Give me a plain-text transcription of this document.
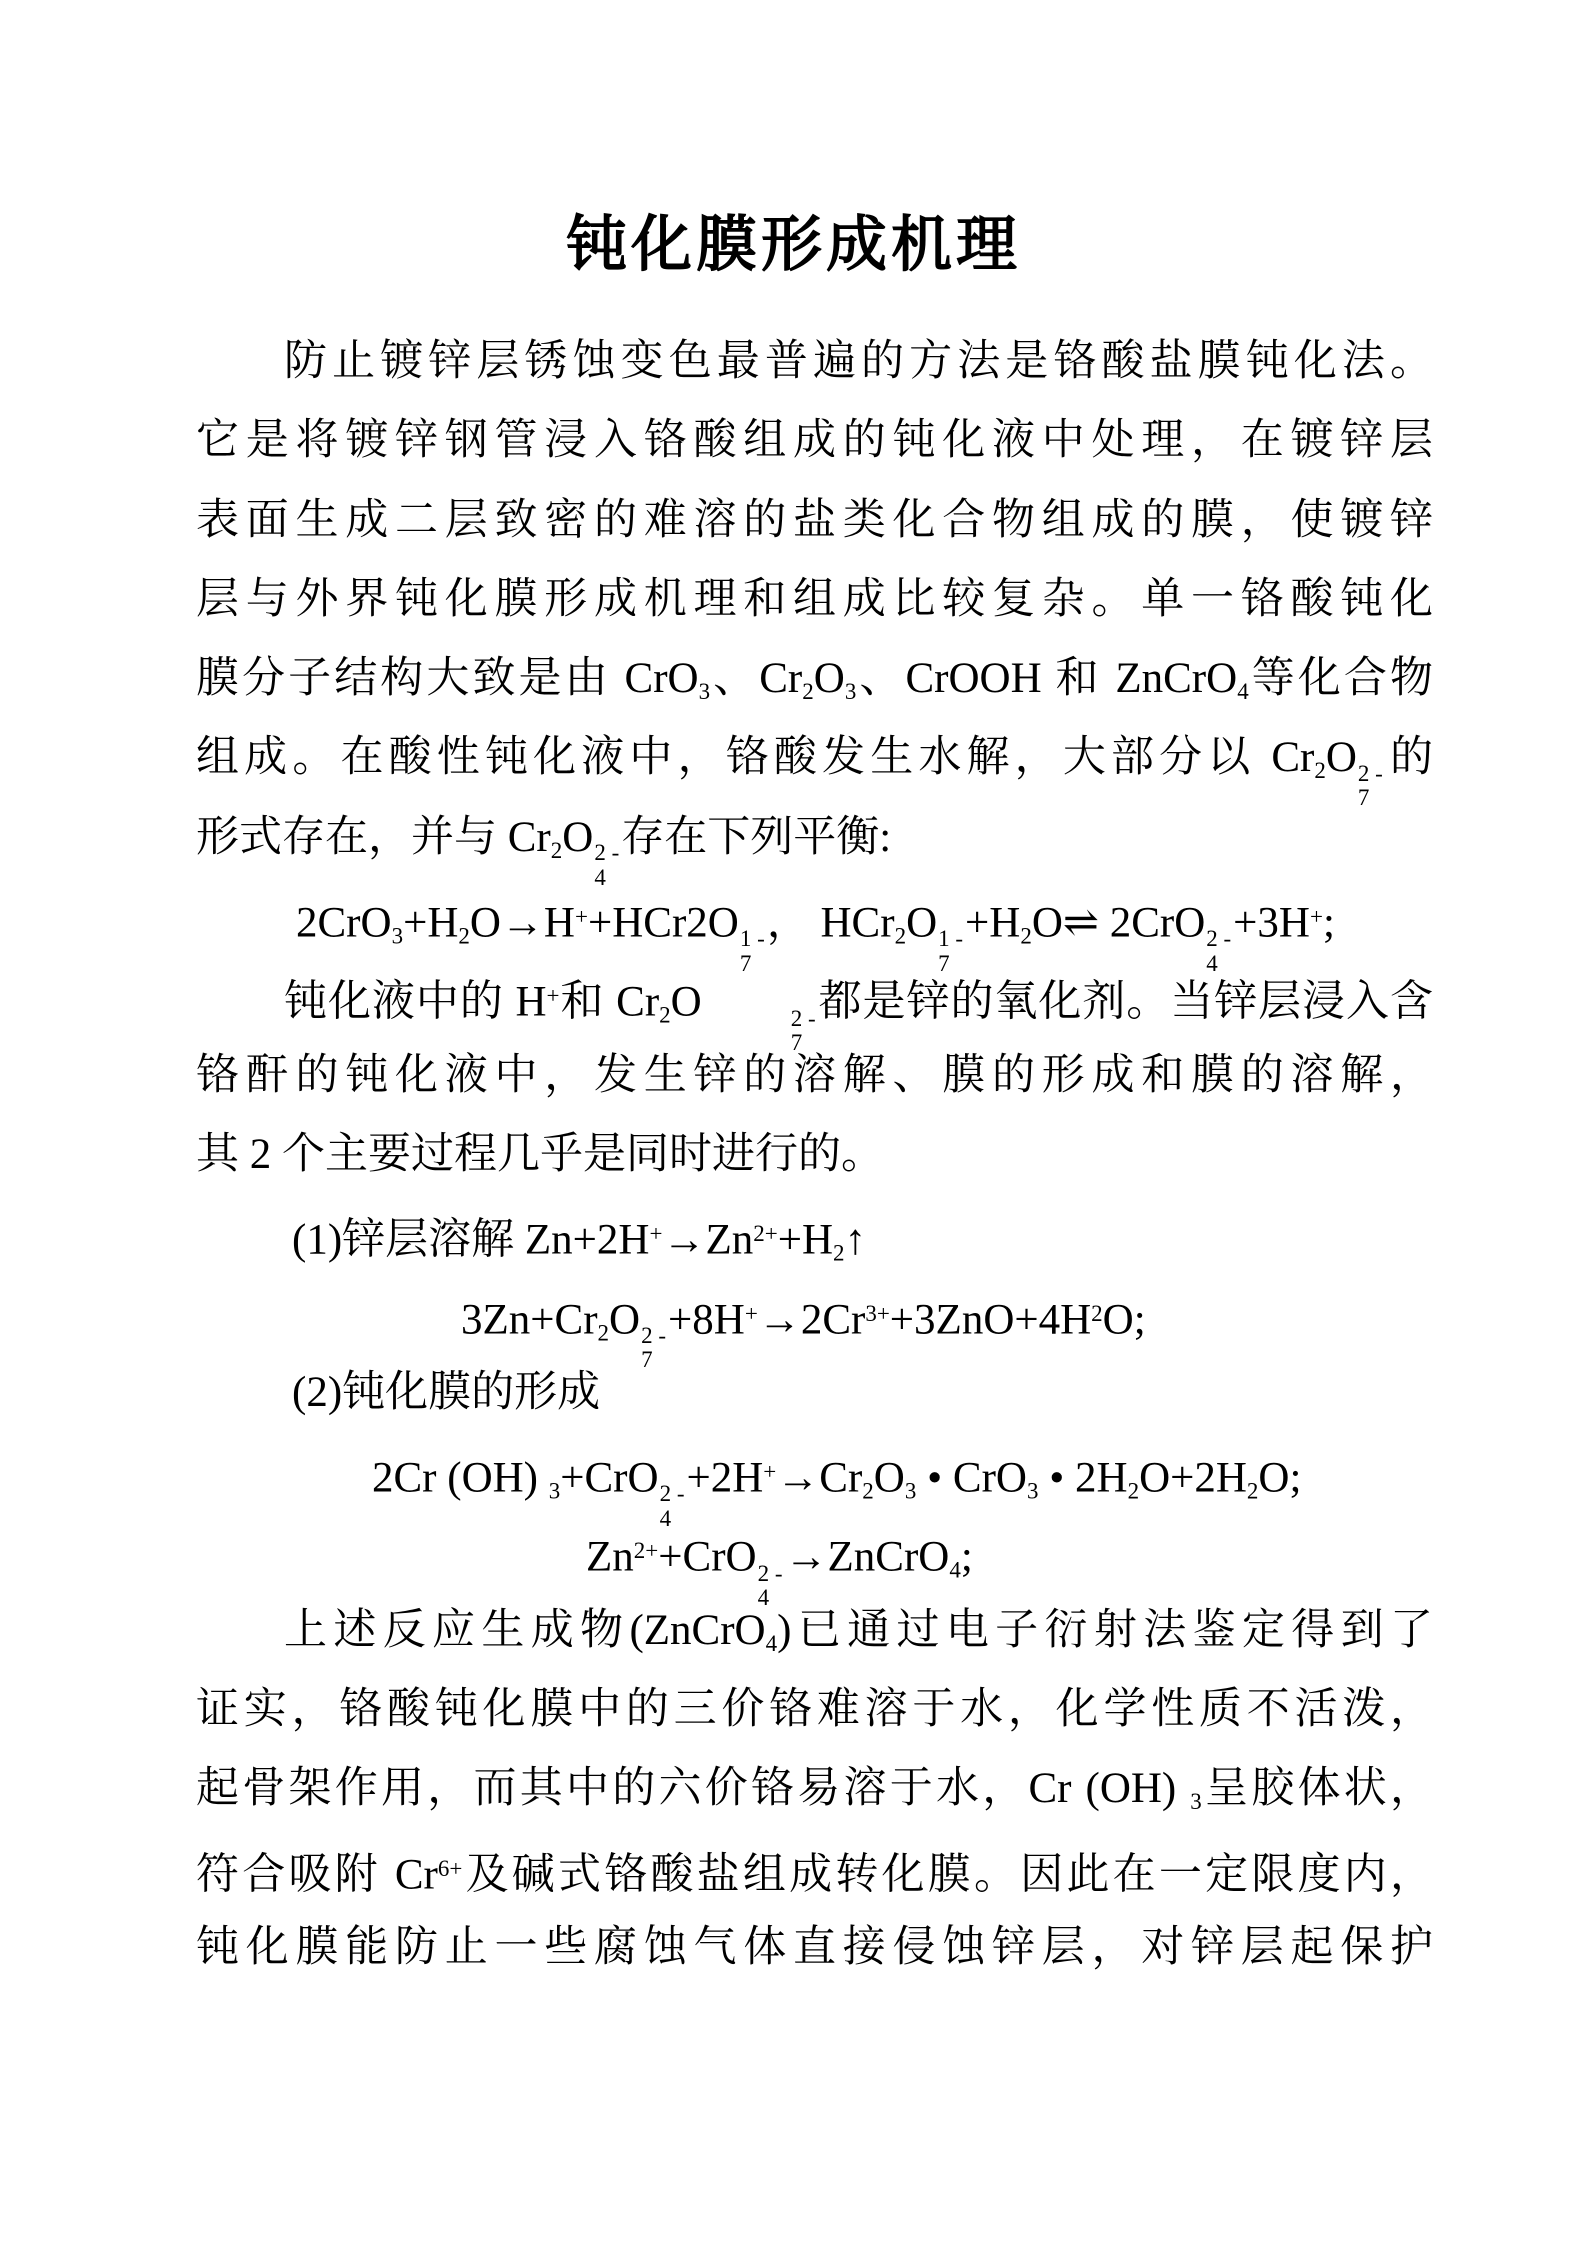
钝化膜形成机理
防止镀锌层锈蚀变色最普遍的方法是铬酸盐膜钝化法。
它是将镀锌钢管浸入铬酸组成的钝化液中处理，在镀锌层
表面生成二层致密的难溶的盐类化合物组成的膜，使镀锌
层与外界钝化膜形成机理和组成比较复杂。单一铬酸钝化
膜分子结构大致是由 CrO3、Cr2O3、CrOOH 和 ZnCrO4等化合物
组成。在酸性钝化液中，铬酸发生水解，大部分以 Cr2O 2 -
7
的
形式存在，并与 Cr2O 2 -
4
存在下列平衡:
2CrO3+H2O→H++HCr2O 1 -
7
， HCr2O 1 -
7
+H2O⇌ 2CrO 2 -
4
+3H+;
钝化液中的 H+和 Cr2O	2 -
7
都是锌的氧化剂。当锌层浸入含
铬酐的钝化液中，发生锌的溶解、膜的形成和膜的溶解，
其 2 个主要过程几乎是同时进行的。
(1)锌层溶解 $Zn+2H^+\to Zn^{2+}+H2↑$
3Zn+Cr2O 2 -
7
$+8H^+\to 2Cr^{3+}+3ZnO+4H^2O$;
(2)钝化膜的形成
2Cr (OH) 3+CrO 2 -
4
+2H+→Cr2O3 • CrO3 • 2H2O+2H2O;
$Zn^{2+}+CrO$ 2 -
4
→ZnCrO4;
上述反应生成物(ZnCrO4)已通过电子衍射法鉴定得到了
证实，铬酸钝化膜中的三价铬难溶于水，化学性质不活泼，
起骨架作用，而其中的六价铬易溶于水，Cr (OH) 3呈胶体状，
符合吸附 $Cr^{6+}$及碱式铬酸盐组成转化膜。因此在一定限度内，
钝化膜能防止一些腐蚀气体直接侵蚀锌层，对锌层起保护
